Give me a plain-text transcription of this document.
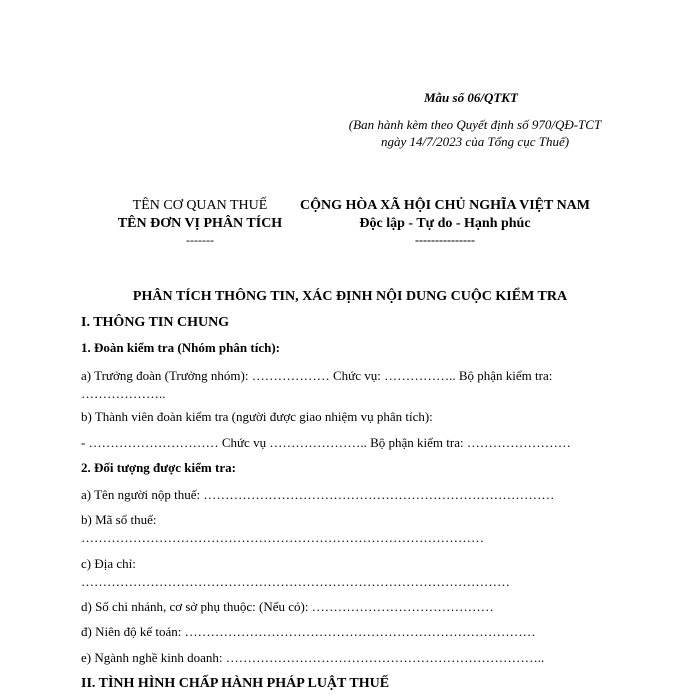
Mẫu số 06/QTKT
(Ban hành kèm theo Quyết định số 970/QĐ-TCT
ngày 14/7/2023 của Tổng cục Thuế)
TÊN CƠ QUAN THUẾ
TÊN ĐƠN VỊ PHÂN TÍCH
-------
CỘNG HÒA XÃ HỘI CHỦ NGHĨA VIỆT NAM
Độc lập - Tự do - Hạnh phúc
---------------
PHÂN TÍCH THÔNG TIN, XÁC ĐỊNH NỘI DUNG CUỘC KIỂM TRA
I. THÔNG TIN CHUNG
1. Đoàn kiểm tra (Nhóm phân tích):
a) Trưởng đoàn (Trưởng nhóm): ……………… Chức vụ: …………….. Bộ phận kiểm tra:
………………..
b) Thành viên đoàn kiểm tra (người được giao nhiệm vụ phân tích):
- ………………………… Chức vụ ………………….. Bộ phận kiểm tra: ……………………
2. Đối tượng được kiểm tra:
a) Tên người nộp thuế: ………………………………………………………………………
b) Mã số thuế:
…………………………………………………………………………………
c) Địa chỉ:
………………………………………………………………………………………
d) Số chi nhánh, cơ sở phụ thuộc: (Nếu có): ……………………………………
đ) Niên độ kế toán: ………………………………………………………………………
e) Ngành nghề kinh doanh: ………………………………………………………………..
II. TÌNH HÌNH CHẤP HÀNH PHÁP LUẬT THUẾ
